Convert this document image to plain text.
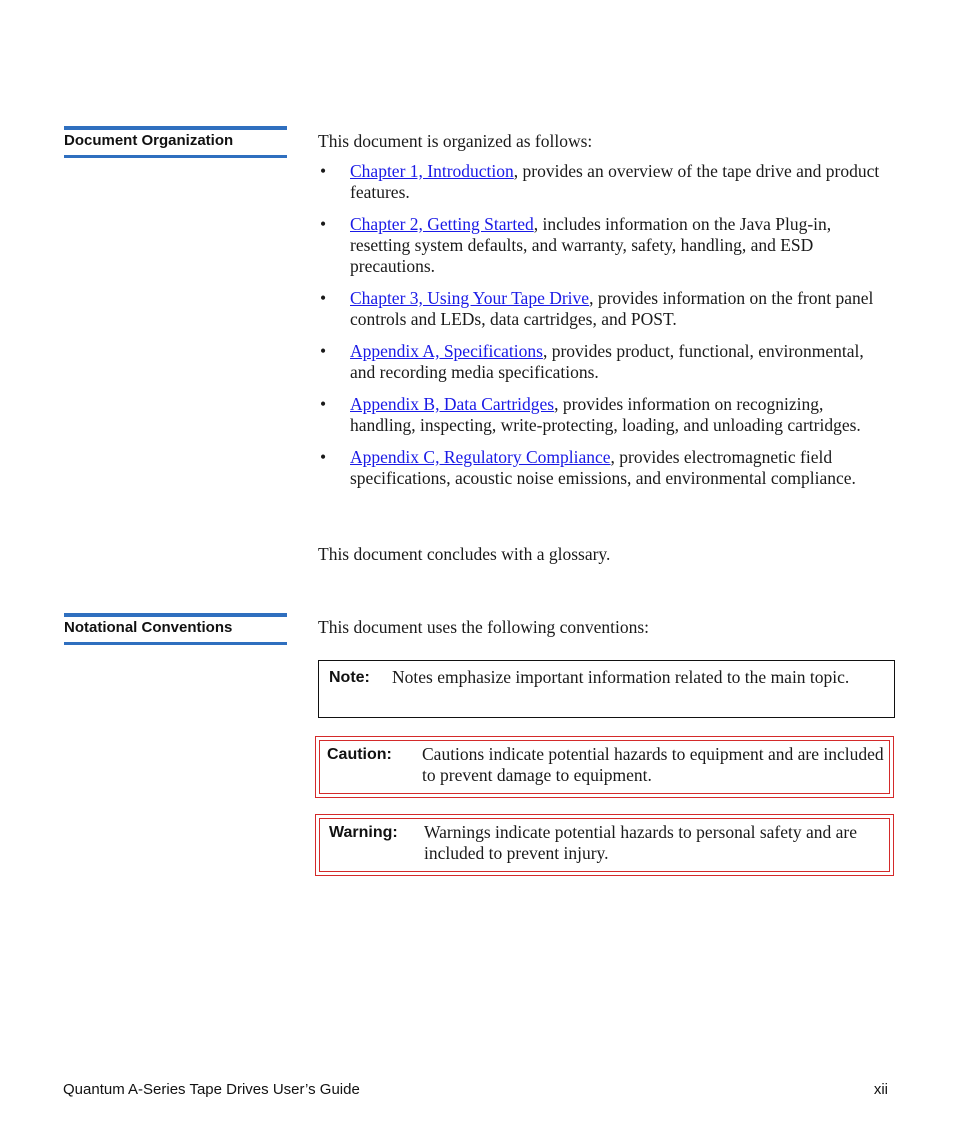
Document Organization	This document is organized as follows:

• Chapter 1, Introduction, provides an overview of the tape drive and product features.
• Chapter 2, Getting Started, includes information on the Java Plug-in, resetting system defaults, and warranty, safety, handling, and ESD precautions.
• Chapter 3, Using Your Tape Drive, provides information on the front panel controls and LEDs, data cartridges, and POST.
• Appendix A, Specifications, provides product, functional, environmental, and recording media specifications.
• Appendix B, Data Cartridges, provides information on recognizing, handling, inspecting, write-protecting, loading, and unloading cartridges.
• Appendix C, Regulatory Compliance, provides electromagnetic field specifications, acoustic noise emissions, and environmental compliance.

This document concludes with a glossary.

Notational Conventions	This document uses the following conventions:

Note: Notes emphasize important information related to the main topic.
Caution: Cautions indicate potential hazards to equipment and are included to prevent damage to equipment.
Warning: Warnings indicate potential hazards to personal safety and are included to prevent injury.
Quantum A-Series Tape Drives User’s Guide	xii
